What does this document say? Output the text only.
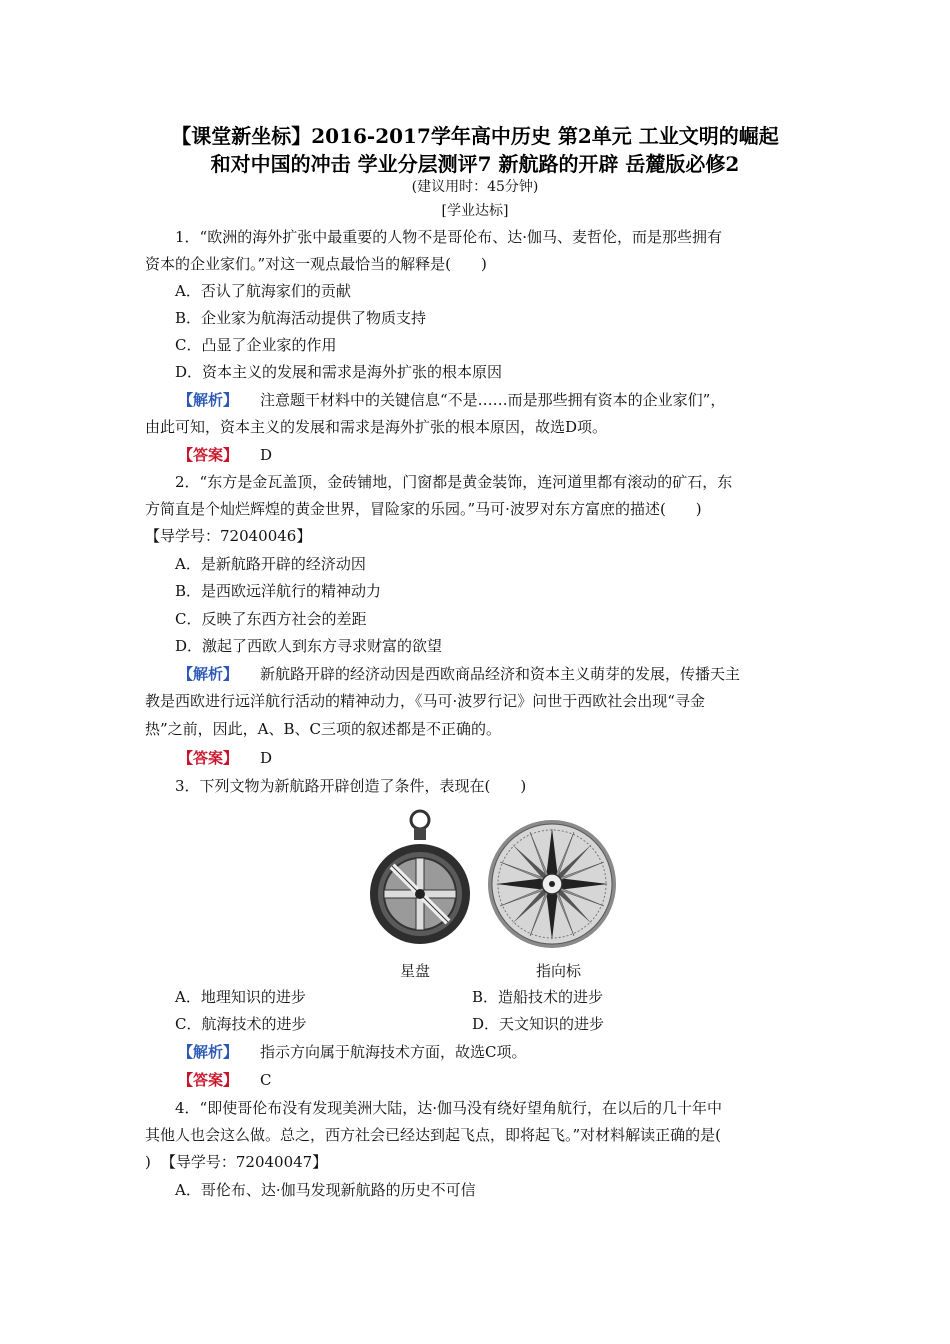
【课堂新坐标】2016-2017学年高中历史 第2单元 工业文明的崛起
和对中国的冲击 学业分层测评7 新航路的开辟 岳麓版必修2
(建议用时：45分钟)
[学业达标]
1．“欧洲的海外扩张中最重要的人物不是哥伦布、达·伽马、麦哲伦，而是那些拥有
资本的企业家们。”对这一观点最恰当的解释是(　　)
A．否认了航海家们的贡献
B．企业家为航海活动提供了物质支持
C．凸显了企业家的作用
D．资本主义的发展和需求是海外扩张的根本原因
【解析】 注意题干材料中的关键信息“不是……而是那些拥有资本的企业家们”，
由此可知，资本主义的发展和需求是海外扩张的根本原因，故选D项。
【答案】 D
2．“东方是金瓦盖顶，金砖铺地，门窗都是黄金装饰，连河道里都有滚动的矿石，东
方简直是个灿烂辉煌的黄金世界，冒险家的乐园。”马可·波罗对东方富庶的描述(　　)
【导学号：72040046】
A．是新航路开辟的经济动因
B．是西欧远洋航行的精神动力
C．反映了东西方社会的差距
D．激起了西欧人到东方寻求财富的欲望
【解析】 新航路开辟的经济动因是西欧商品经济和资本主义萌芽的发展，传播天主
教是西欧进行远洋航行活动的精神动力，《马可·波罗行记》问世于西欧社会出现“寻金
热”之前，因此，A、B、C三项的叙述都是不正确的。
【答案】 D
3．下列文物为新航路开辟创造了条件，表现在(　　)
星盘	指向标
A．地理知识的进步	B．造船技术的进步
C．航海技术的进步	D．天文知识的进步
【解析】 指示方向属于航海技术方面，故选C项。
【答案】 C
4．“即使哥伦布没有发现美洲大陆，达·伽马没有绕好望角航行，在以后的几十年中
其他人也会这么做。总之，西方社会已经达到起飞点，即将起飞。”对材料解读正确的是(
) 【导学号：72040047】
A．哥伦布、达·伽马发现新航路的历史不可信
